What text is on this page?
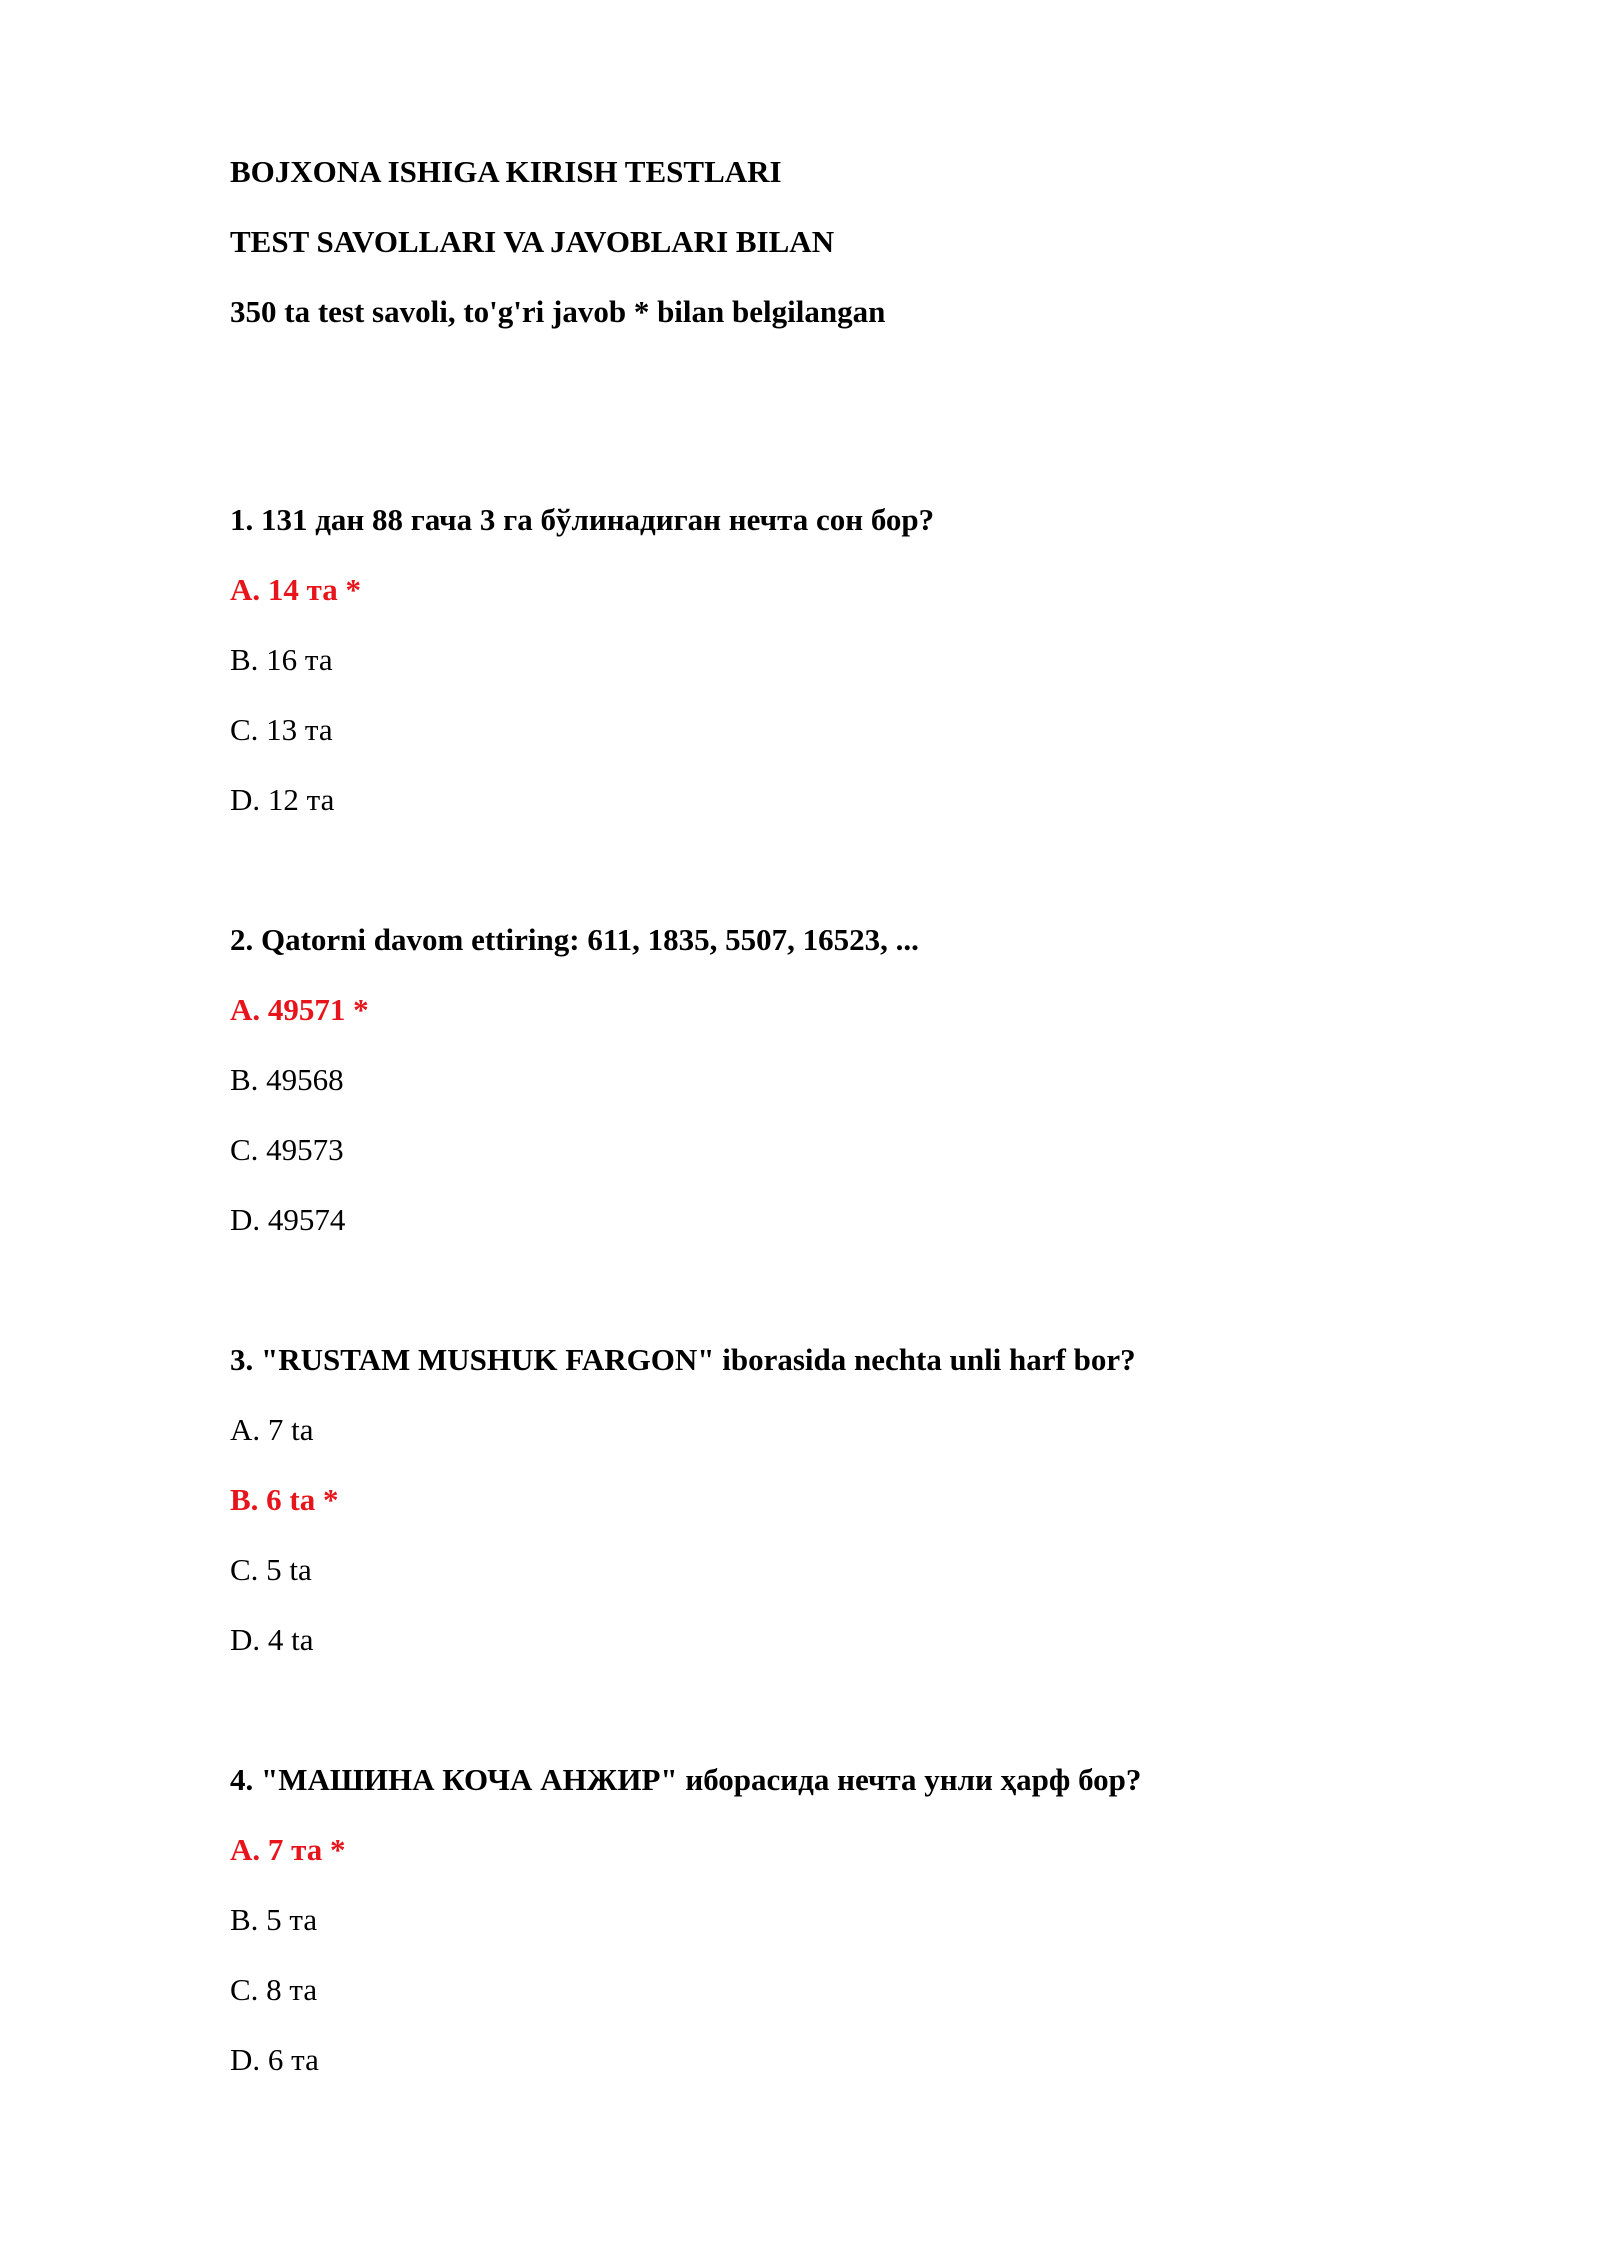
BOJXONA ISHIGA KIRISH TESTLARI

TEST SAVOLLARI VA JAVOBLARI BILAN

350 ta test savoli, to'g'ri javob * bilan belgilangan

1. 131 дан 88 гача 3 га бўлинадиган нечта сон бор?

A. 14 та *

B. 16 та

C. 13 та

D. 12 та

2. Qatorni davom ettiring: 611, 1835, 5507, 16523, ...

A. 49571 *

B. 49568

C. 49573

D. 49574

3. "RUSTAM MUSHUK FARGON" iborasida nechta unli harf bor?

A. 7 ta

B. 6 ta *

C. 5 ta

D. 4 ta

4. "МАШИНА КОЧА АНЖИР" иборасида нечта унли ҳарф бор?

A. 7 та *

B. 5 та

C. 8 та

D. 6 та
